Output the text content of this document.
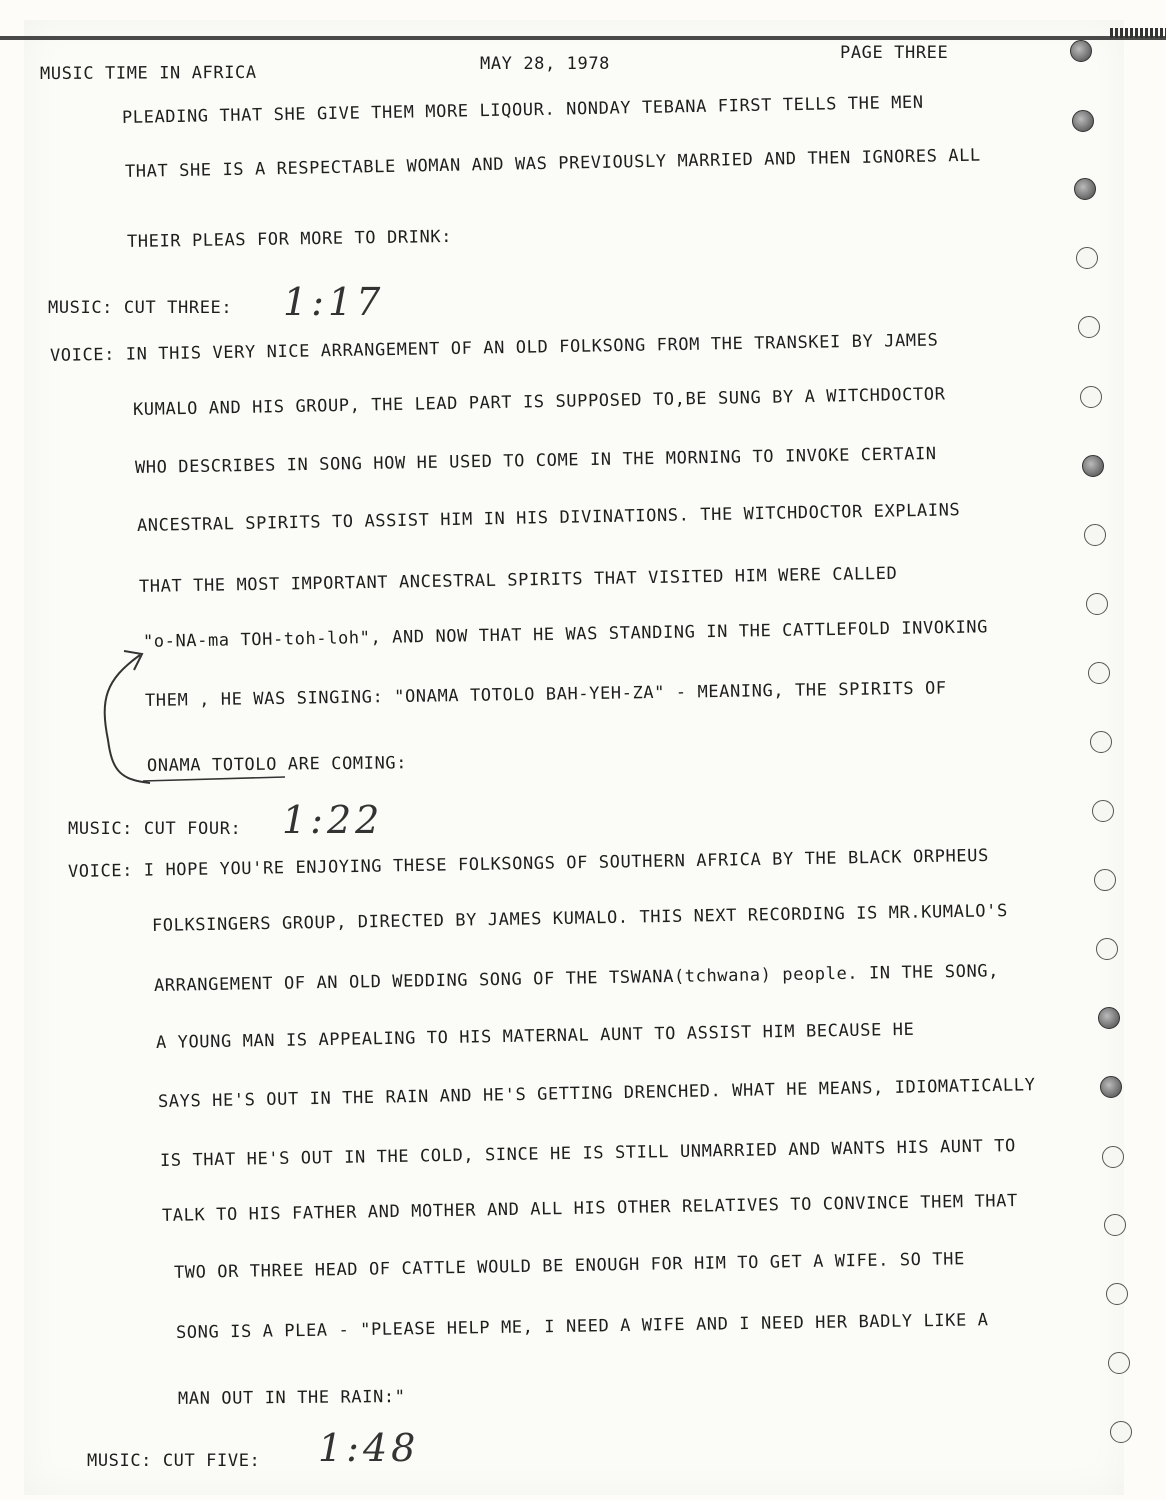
MUSIC TIME IN AFRICA	MAY 28, 1978
PAGE THREE
PLEADING THAT SHE GIVE THEM MORE LIQOUR. NONDAY TEBANA FIRST TELLS THE MEN
THAT SHE IS A RESPECTABLE WOMAN AND WAS PREVIOUSLY MARRIED AND THEN IGNORES ALL
THEIR PLEAS FOR MORE TO DRINK:
MUSIC: CUT THREE: 1:17
VOICE: IN THIS VERY NICE ARRANGEMENT OF AN OLD FOLKSONG FROM THE TRANSKEI BY JAMES
KUMALO AND HIS GROUP, THE LEAD PART IS SUPPOSED TO,BE SUNG BY A WITCHDOCTOR
WHO DESCRIBES IN SONG HOW HE USED TO COME IN THE MORNING TO INVOKE CERTAIN
ANCESTRAL SPIRITS TO ASSIST HIM IN HIS DIVINATIONS. THE WITCHDOCTOR EXPLAINS
THAT THE MOST IMPORTANT ANCESTRAL SPIRITS THAT VISITED HIM WERE CALLED
"o-NA-ma TOH-toh-loh", AND NOW THAT HE WAS STANDING IN THE CATTLEFOLD INVOKING
THEM , HE WAS SINGING: "ONAMA TOTOLO BAH-YEH-ZA" - MEANING, THE SPIRITS OF
ONAMA TOTOLO ARE COMING:
MUSIC: CUT FOUR: 1:22
VOICE: I HOPE YOU'RE ENJOYING THESE FOLKSONGS OF SOUTHERN AFRICA BY THE BLACK ORPHEUS
FOLKSINGERS GROUP, DIRECTED BY JAMES KUMALO. THIS NEXT RECORDING IS MR.KUMALO'S
ARRANGEMENT OF AN OLD WEDDING SONG OF THE TSWANA(tchwana) people. IN THE SONG,
A YOUNG MAN IS APPEALING TO HIS MATERNAL AUNT TO ASSIST HIM BECAUSE HE
SAYS HE'S OUT IN THE RAIN AND HE'S GETTING DRENCHED. WHAT HE MEANS, IDIOMATICALLY
IS THAT HE'S OUT IN THE COLD, SINCE HE IS STILL UNMARRIED AND WANTS HIS AUNT TO
TALK TO HIS FATHER AND MOTHER AND ALL HIS OTHER RELATIVES TO CONVINCE THEM THAT
TWO OR THREE HEAD OF CATTLE WOULD BE ENOUGH FOR HIM TO GET A WIFE. SO THE
SONG IS A PLEA - "PLEASE HELP ME, I NEED A WIFE AND I NEED HER BADLY LIKE A
MAN OUT IN THE RAIN:"
MUSIC: CUT FIVE: 1:48
